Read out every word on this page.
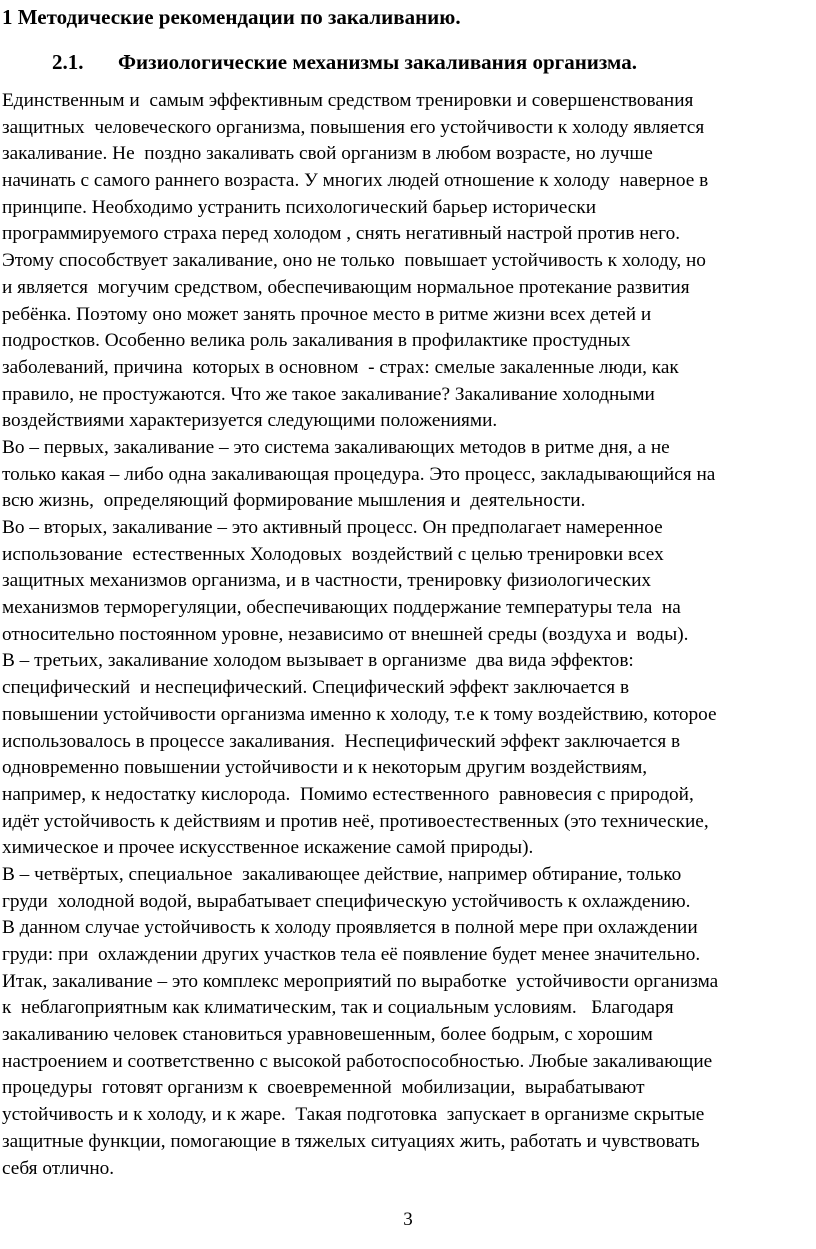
1 Методические рекомендации по закаливанию.
2.1. Физиологические механизмы закаливания организма.
Единственным и  самым эффективным средством тренировки и совершенствования
защитных  человеческого организма, повышения его устойчивости к холоду является
закаливание. Не  поздно закаливать свой организм в любом возрасте, но лучше
начинать с самого раннего возраста. У многих людей отношение к холоду  наверное в
принципе. Необходимо устранить психологический барьер исторически
программируемого страха перед холодом , снять негативный настрой против него.
Этому способствует закаливание, оно не только  повышает устойчивость к холоду, но
и является  могучим средством, обеспечивающим нормальное протекание развития
ребёнка. Поэтому оно может занять прочное место в ритме жизни всех детей и
подростков. Особенно велика роль закаливания в профилактике простудных
заболеваний, причина  которых в основном  - страх: смелые закаленные люди, как
правило, не простужаются. Что же такое закаливание? Закаливание холодными
воздействиями характеризуется следующими положениями.
Во – первых, закаливание – это система закаливающих методов в ритме дня, а не
только какая – либо одна закаливающая процедура. Это процесс, закладывающийся на
всю жизнь,  определяющий формирование мышления и  деятельности.
Во – вторых, закаливание – это активный процесс. Он предполагает намеренное
использование  естественных Холодовых  воздействий с целью тренировки всех
защитных механизмов организма, и в частности, тренировку физиологических
механизмов терморегуляции, обеспечивающих поддержание температуры тела  на
относительно постоянном уровне, независимо от внешней среды (воздуха и  воды).
В – третьих, закаливание холодом вызывает в организме  два вида эффектов:
специфический  и неспецифический. Специфический эффект заключается в
повышении устойчивости организма именно к холоду, т.е к тому воздействию, которое
использовалось в процессе закаливания.  Неспецифический эффект заключается в
одновременно повышении устойчивости и к некоторым другим воздействиям,
например, к недостатку кислорода.  Помимо естественного  равновесия с природой,
идёт устойчивость к действиям и против неё, противоестественных (это технические,
химическое и прочее искусственное искажение самой природы).
В – четвёртых, специальное  закаливающее действие, например обтирание, только
груди  холодной водой, вырабатывает специфическую устойчивость к охлаждению.
В данном случае устойчивость к холоду проявляется в полной мере при охлаждении
груди: при  охлаждении других участков тела её появление будет менее значительно.
Итак, закаливание – это комплекс мероприятий по выработке  устойчивости организма
к  неблагоприятным как климатическим, так и социальным условиям.   Благодаря
закаливанию человек становиться уравновешенным, более бодрым, с хорошим
настроением и соответственно с высокой работоспособностью. Любые закаливающие
процедуры  готовят организм к  своевременной  мобилизации,  вырабатывают
устойчивость и к холоду, и к жаре.  Такая подготовка  запускает в организме скрытые
защитные функции, помогающие в тяжелых ситуациях жить, работать и чувствовать
себя отлично.
3
